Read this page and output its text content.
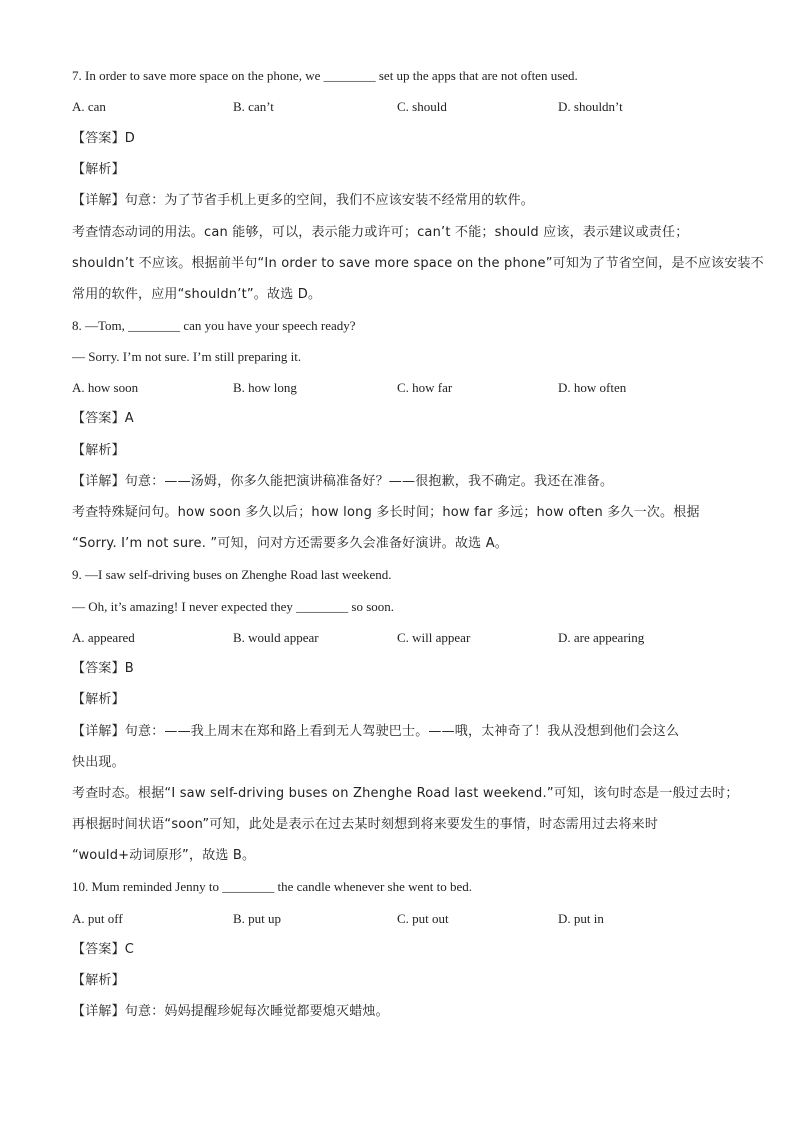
7. In order to save more space on the phone, we ________ set up the apps that are not often used.
A. can	B. can’t	C. should	D. shouldn’t
【答案】D
【解析】
【详解】句意：为了节省手机上更多的空间，我们不应该安装不经常用的软件。
考查情态动词的用法。can 能够，可以，表示能力或许可；can’t 不能；should 应该，表示建议或责任；
shouldn’t 不应该。根据前半句“In order to save more space on the phone”可知为了节省空间，是不应该安装不
常用的软件，应用“shouldn’t”。故选 D。
8. —Tom, ________ can you have your speech ready?
— Sorry. I’m not sure. I’m still preparing it.
A. how soon	B. how long	C. how far	D. how often
【答案】A
【解析】
【详解】句意：——汤姆，你多久能把演讲稿准备好？——很抱歉，我不确定。我还在准备。
考查特殊疑问句。how soon 多久以后；how long 多长时间；how far 多远；how often 多久一次。根据
“Sorry. I’m not sure. ”可知，问对方还需要多久会准备好演讲。故选 A。
9. —I saw self-driving buses on Zhenghe Road last weekend.
— Oh, it’s amazing! I never expected they ________ so soon.
A. appeared	B. would appear	C. will appear	D. are appearing
【答案】B
【解析】
【详解】句意：——我上周末在郑和路上看到无人驾驶巴士。——哦，太神奇了！我从没想到他们会这么
快出现。
考查时态。根据“I saw self-driving buses on Zhenghe Road last weekend.”可知，该句时态是一般过去时；
再根据时间状语“soon”可知，此处是表示在过去某时刻想到将来要发生的事情，时态需用过去将来时
“would+动词原形”，故选 B。
10. Mum reminded Jenny to ________ the candle whenever she went to bed.
A. put off	B. put up	C. put out	D. put in
【答案】C
【解析】
【详解】句意：妈妈提醒珍妮每次睡觉都要熄灭蜡烛。
